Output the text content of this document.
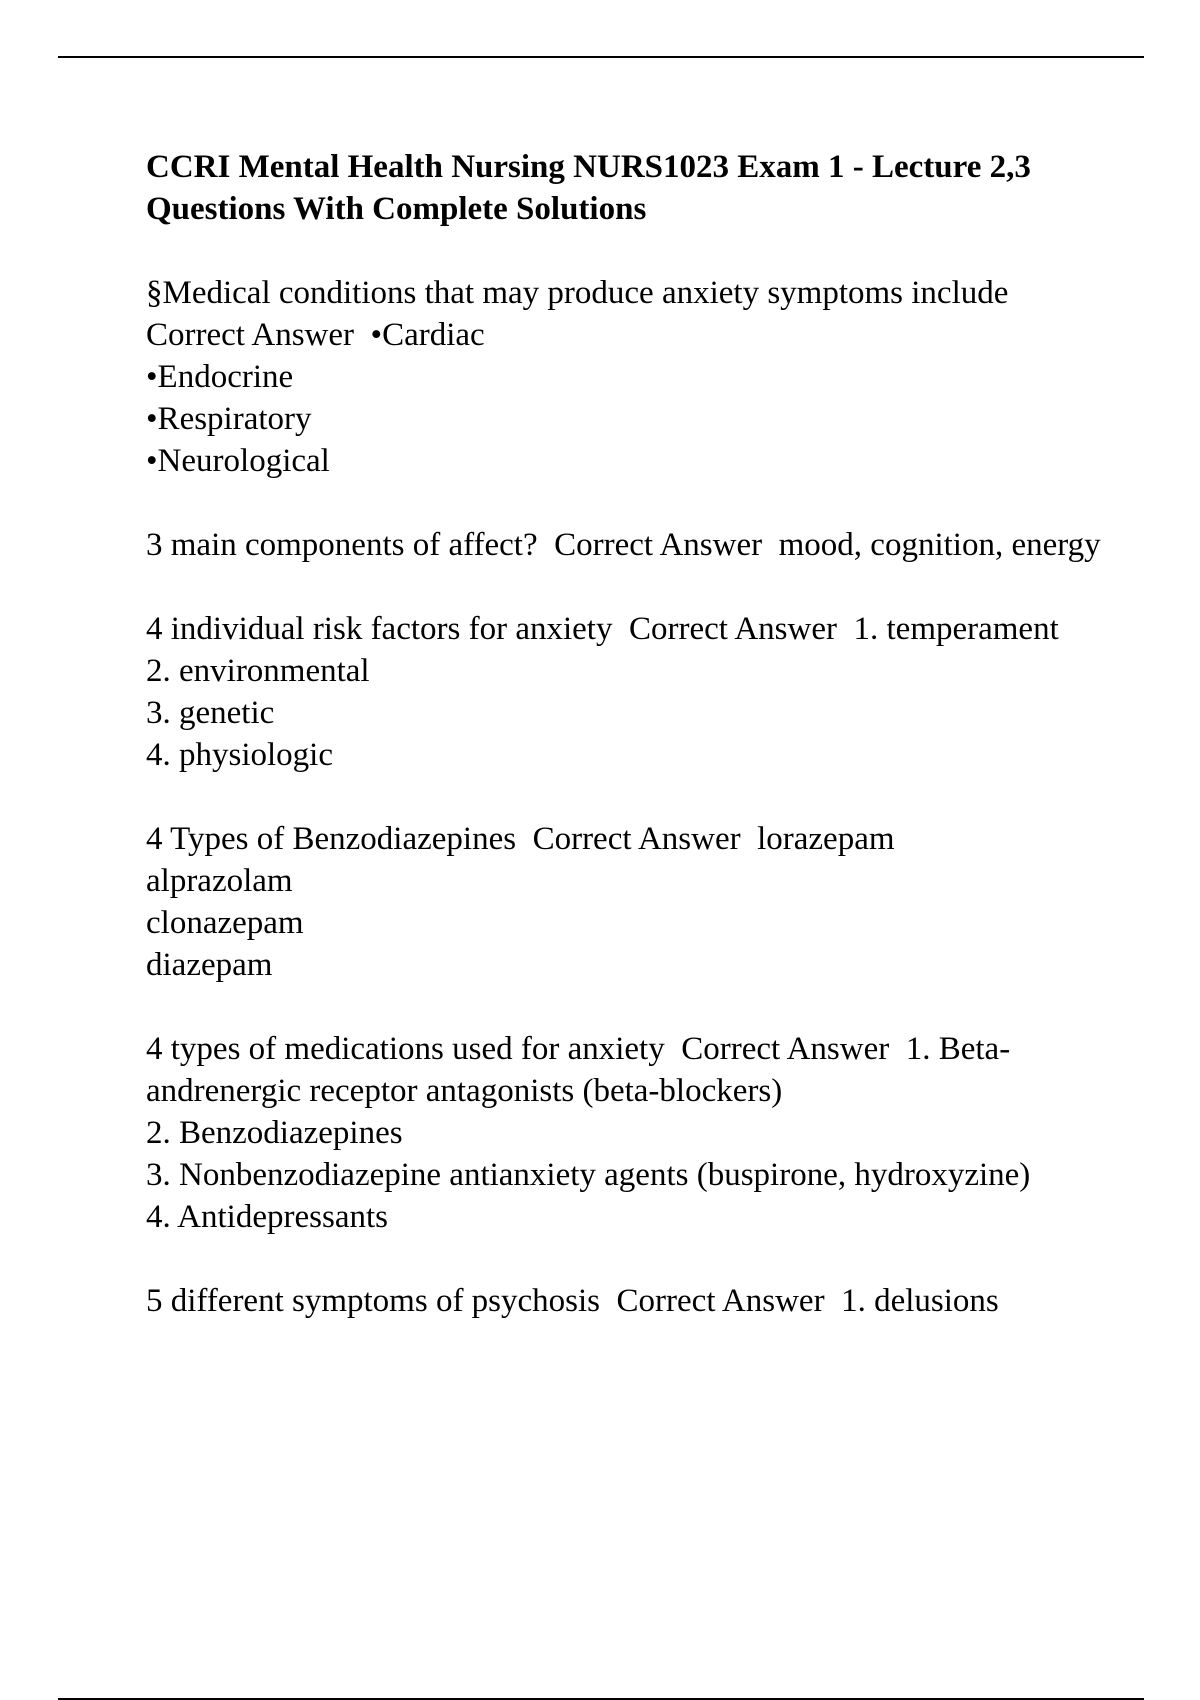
CCRI Mental Health Nursing NURS1023 Exam 1 - Lecture 2,3 Questions With Complete Solutions
§Medical conditions that may produce anxiety symptoms include  Correct Answer •Cardiac
•Endocrine
•Respiratory
•Neurological
3 main components of affect? Correct Answer mood, cognition, energy
4 individual risk factors for anxiety Correct Answer 1. temperament
2. environmental
3. genetic
4. physiologic
4 Types of Benzodiazepines Correct Answer lorazepam
alprazolam
clonazepam
diazepam
4 types of medications used for anxiety Correct Answer 1. Beta-andrenergic receptor antagonists (beta-blockers)
2. Benzodiazepines
3. Nonbenzodiazepine antianxiety agents (buspirone, hydroxyzine)
4. Antidepressants
5 different symptoms of psychosis Correct Answer 1. delusions
